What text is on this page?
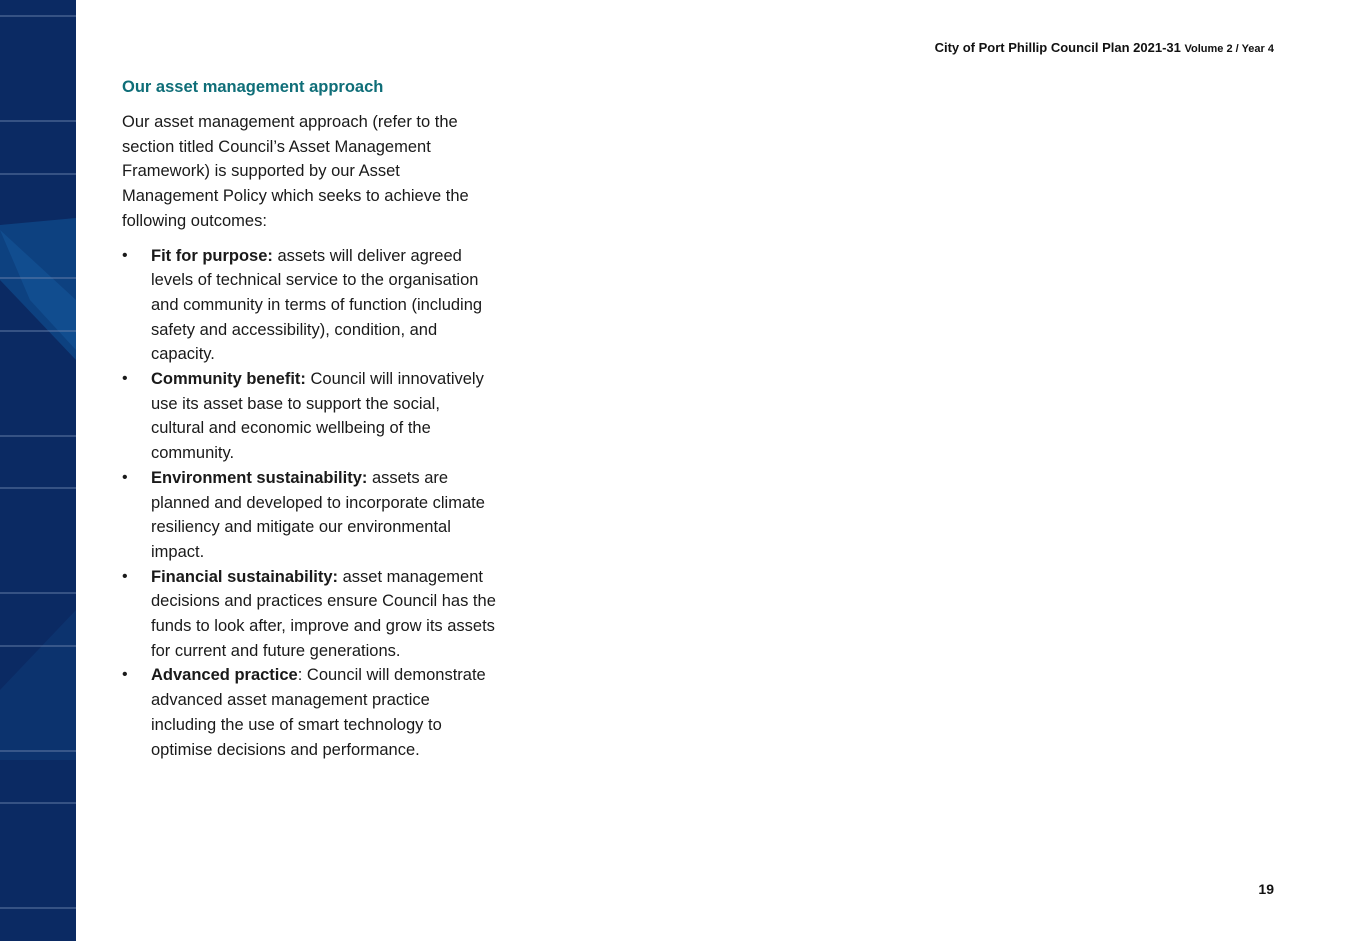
City of Port Phillip Council Plan 2021-31 Volume 2 / Year 4
Our asset management approach

Our asset management approach (refer to the section titled Council’s Asset Management Framework) is supported by our Asset Management Policy which seeks to achieve the following outcomes:

• Fit for purpose: assets will deliver agreed levels of technical service to the organisation and community in terms of function (including safety and accessibility), condition, and capacity.
• Community benefit: Council will innovatively use its asset base to support the social, cultural and economic wellbeing of the community.
• Environment sustainability: assets are planned and developed to incorporate climate resiliency and mitigate our environmental impact.
• Financial sustainability: asset management decisions and practices ensure Council has the funds to look after, improve and grow its assets for current and future generations.
• Advanced practice: Council will demonstrate advanced asset management practice including the use of smart technology to optimise decisions and performance.
19
